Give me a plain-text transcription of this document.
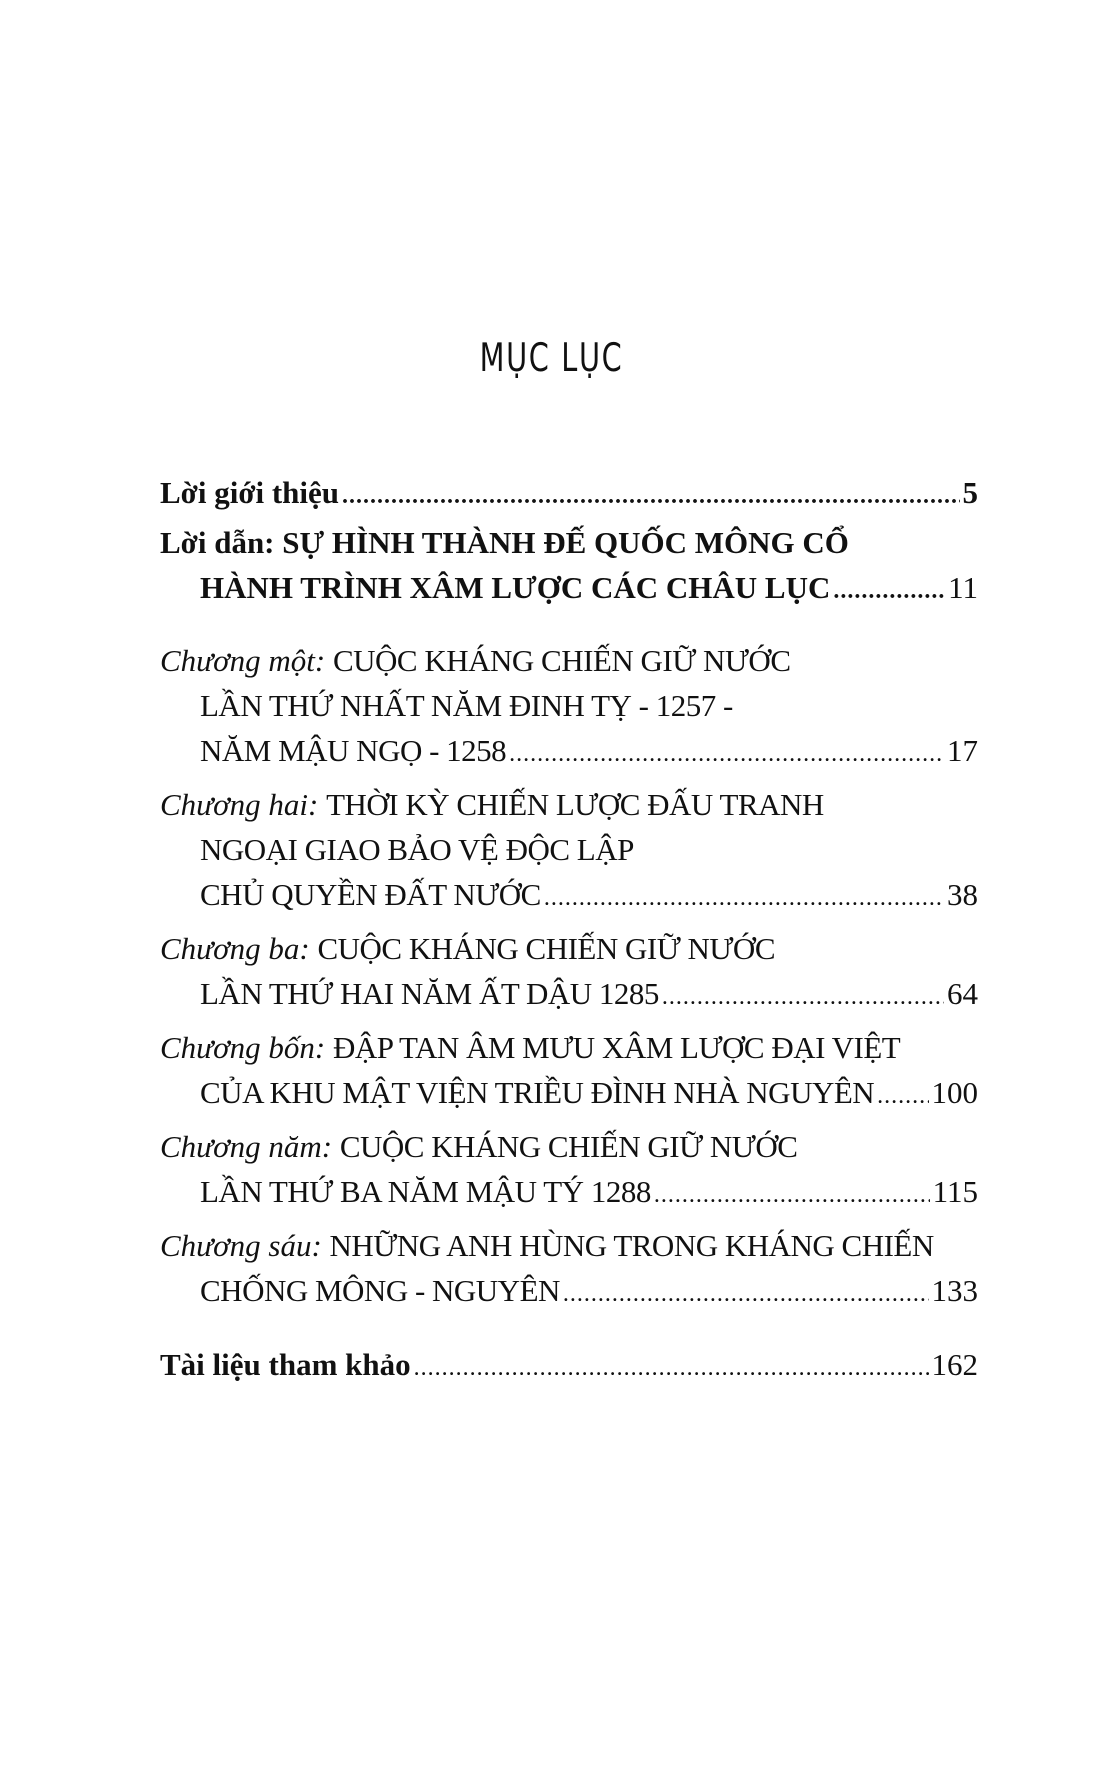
MỤC LỤC
Lời giới thiệu .....	5
Lời dẫn: SỰ HÌNH THÀNH ĐẾ QUỐC MÔNG CỔ
HÀNH TRÌNH XÂM LƯỢC CÁC CHÂU LỤC .....	11
Chương một: CUỘC KHÁNG CHIẾN GIỮ NƯỚC
LẦN THỨ NHẤT NĂM ĐINH TỴ - 1257 -
NĂM MẬU NGỌ - 1258 .....	17
Chương hai: THỜI KỲ CHIẾN LƯỢC ĐẤU TRANH
NGOẠI GIAO BẢO VỆ ĐỘC LẬP
CHỦ QUYỀN ĐẤT NƯỚC .....	38
Chương ba: CUỘC KHÁNG CHIẾN GIỮ NƯỚC
LẦN THỨ HAI NĂM ẤT DẬU 1285 .....	64
Chương bốn: ĐẬP TAN ÂM MƯU XÂM LƯỢC ĐẠI VIỆT
CỦA KHU MẬT VIỆN TRIỀU ĐÌNH NHÀ NGUYÊN ..... 100
Chương năm: CUỘC KHÁNG CHIẾN GIỮ NƯỚC
LẦN THỨ BA NĂM MẬU TÝ 1288 .....	115
Chương sáu: NHỮNG ANH HÙNG TRONG KHÁNG CHIẾN
CHỐNG MÔNG - NGUYÊN .....	133
Tài liệu tham khảo .....	162
